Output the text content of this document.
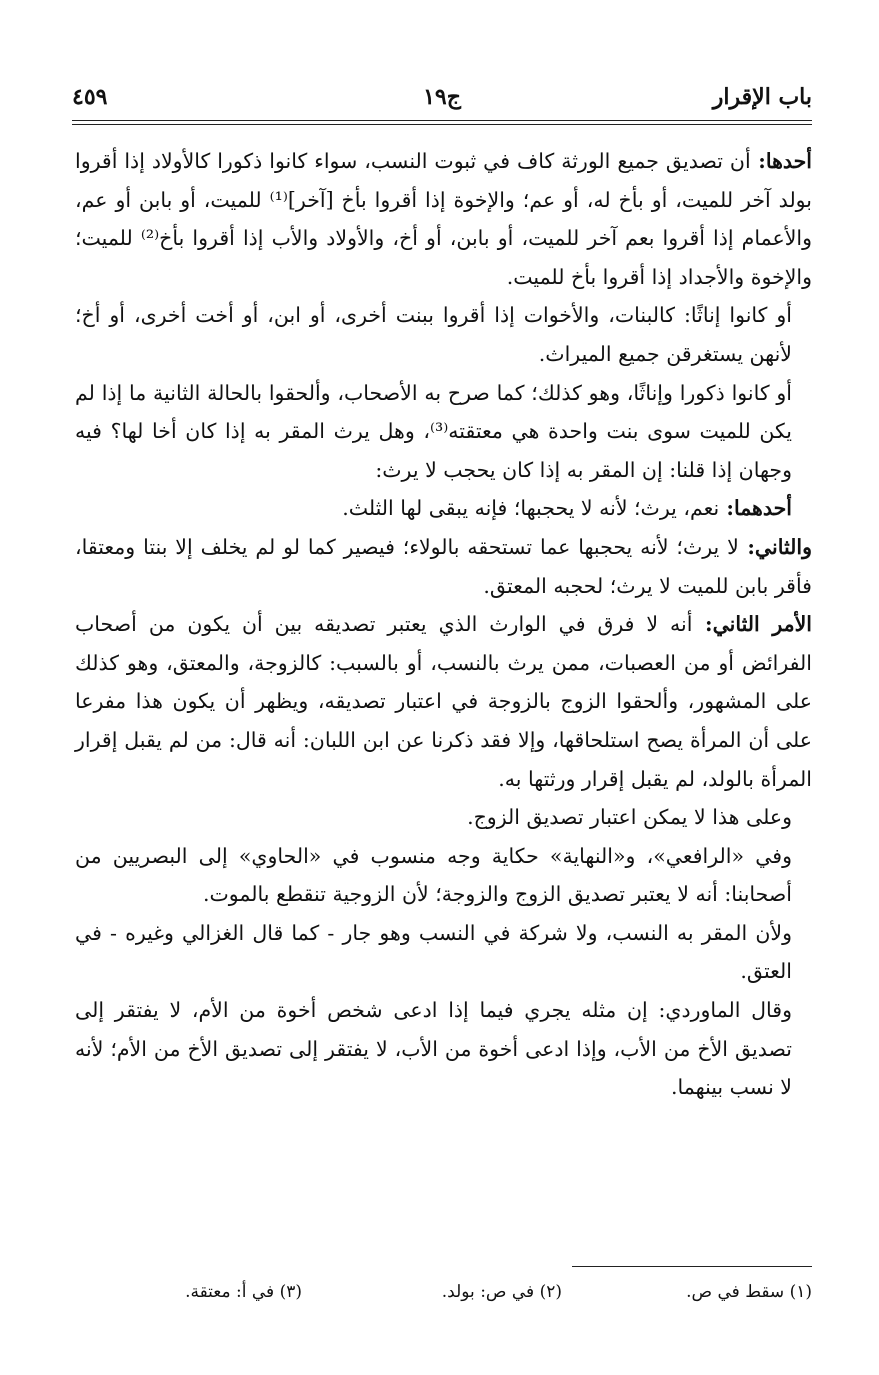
باب الإقرار
ج١٩
٤٥٩

أحدها: أن تصديق جميع الورثة كاف في ثبوت النسب، سواء كانوا ذكورا كالأولاد إذا أقروا بولد آخر للميت، أو بأخ له، أو عم؛ والإخوة إذا أقروا بأخ [آخر]⁽¹⁾ للميت، أو بابن أو عم، والأعمام إذا أقروا بعم آخر للميت، أو بابن، أو أخ، والأولاد والأب إذا أقروا بأخ⁽²⁾ للميت؛ والإخوة والأجداد إذا أقروا بأخ للميت.

أو كانوا إناثًا: كالبنات، والأخوات إذا أقروا ببنت أخرى، أو ابن، أو أخت أخرى، أو أخ؛ لأنهن يستغرقن جميع الميراث.

أو كانوا ذكورا وإناثًا، وهو كذلك؛ كما صرح به الأصحاب، وألحقوا بالحالة الثانية ما إذا لم يكن للميت سوى بنت واحدة هي معتقته⁽³⁾، وهل يرث المقر به إذا كان أخا لها؟ فيه وجهان إذا قلنا: إن المقر به إذا كان يحجب لا يرث:

أحدهما: نعم، يرث؛ لأنه لا يحجبها؛ فإنه يبقى لها الثلث.

والثاني: لا يرث؛ لأنه يحجبها عما تستحقه بالولاء؛ فيصير كما لو لم يخلف إلا بنتا ومعتقا، فأقر بابن للميت لا يرث؛ لحجبه المعتق.

الأمر الثاني: أنه لا فرق في الوارث الذي يعتبر تصديقه بين أن يكون من أصحاب الفرائض أو من العصبات، ممن يرث بالنسب، أو بالسبب: كالزوجة، والمعتق، وهو كذلك على المشهور، وألحقوا الزوج بالزوجة في اعتبار تصديقه، ويظهر أن يكون هذا مفرعا على أن المرأة يصح استلحاقها، وإلا فقد ذكرنا عن ابن اللبان: أنه قال: من لم يقبل إقرار المرأة بالولد، لم يقبل إقرار ورثتها به.

وعلى هذا لا يمكن اعتبار تصديق الزوج.

وفي «الرافعي»، و«النهاية» حكاية وجه منسوب في «الحاوي» إلى البصريين من أصحابنا: أنه لا يعتبر تصديق الزوج والزوجة؛ لأن الزوجية تنقطع بالموت.

ولأن المقر به النسب، ولا شركة في النسب وهو جار - كما قال الغزالي وغيره - في العتق.

وقال الماوردي: إن مثله يجري فيما إذا ادعى شخص أخوة من الأم، لا يفتقر إلى تصديق الأخ من الأب، وإذا ادعى أخوة من الأب، لا يفتقر إلى تصديق الأخ من الأم؛ لأنه لا نسب بينهما.

(١) سقط في ص.
(٢) في ص: بولد.
(٣) في أ: معتقة.
